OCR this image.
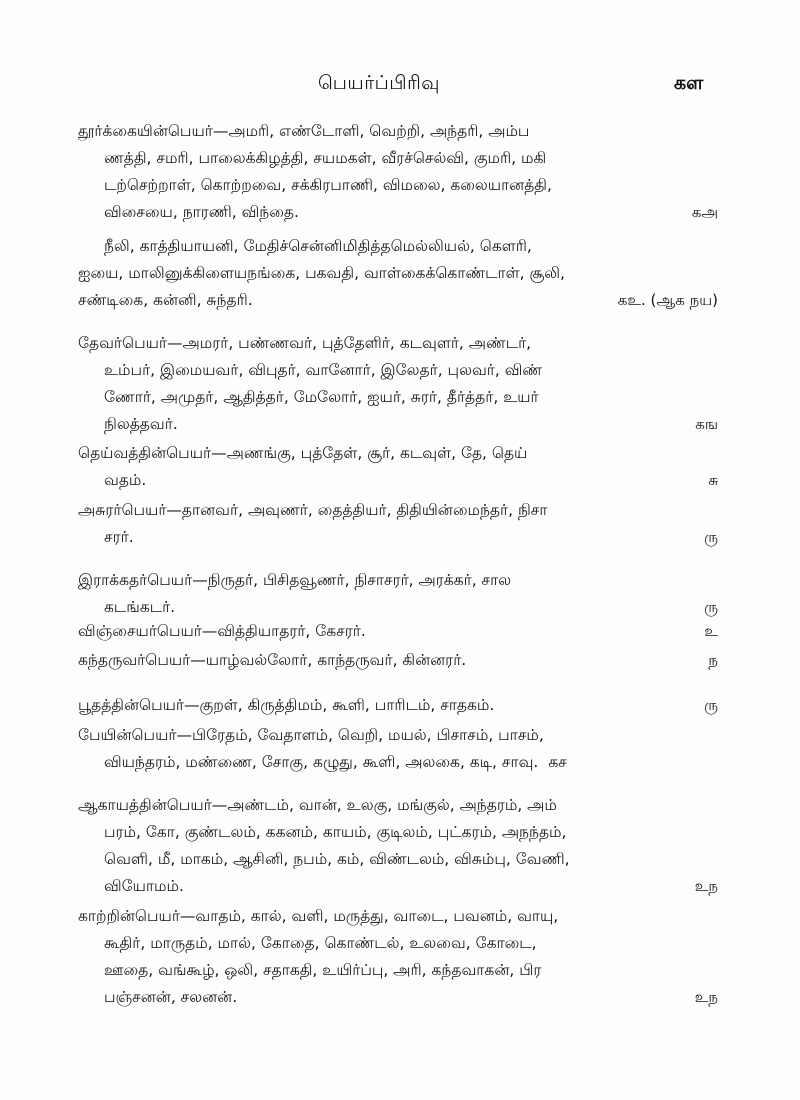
பெயர்ப்பிரிவு	கள
தூர்க்கையின்பெயர்—அமரி, எண்டோளி, வெற்றி, அந்தரி, அம்ப
ணத்தி, சமரி, பாலைக்கிழத்தி, சயமகள், வீரச்செல்வி, குமரி, மகி
டற்செற்றாள், கொற்றவை, சக்கிரபாணி, விமலை, கலையானத்தி,
விசையை, நாரணி, விந்தை.	கஅ
நீலி, காத்தியாயனி, மேதிச்சென்னிமிதித்தமெல்லியல், கௌரி,
ஐயை, மாலினுக்கிளையநங்கை, பகவதி, வாள்கைக்கொண்டாள், சூலி,
சண்டிகை, கன்னி, சுந்தரி.	கஉ. (ஆக நய)
தேவர்பெயர்—அமரர், பண்ணவர், புத்தேளிர், கடவுளர், அண்டர்,
உம்பர், இமையவர், விபுதர், வானோர், இலேதர், புலவர், விண்
ணோர், அமுதர், ஆதித்தர், மேலோர், ஐயர், சுரர், தீர்த்தர், உயர்
நிலத்தவர்.	கங
தெய்வத்தின்பெயர்—அணங்கு, புத்தேள், சூர், கடவுள், தே, தெய்
வதம்.	சு
அசுரர்பெயர்—தானவர், அவுணர், தைத்தியர், திதியின்மைந்தர், நிசா
சரர்.	ரு
இராக்கதர்பெயர்—நிருதர், பிசிதவூணர், நிசாசரர், அரக்கர், சால
கடங்கடர்.	ரு
விஞ்சையர்பெயர்—வித்தியாதரர், கேசரர்.	உ
கந்தருவர்பெயர்—யாழ்வல்லோர், காந்தருவர், கின்னரர்.	ந
பூதத்தின்பெயர்—குறள், கிருத்திமம், கூளி, பாரிடம், சாதகம்.	ரு
பேயின்பெயர்—பிரேதம், வேதாளம், வெறி, மயல், பிசாசம், பாசம்,
வியந்தரம், மண்ணை, சோகு, கழுது, கூளி, அலகை, கடி, சாவு. கச
ஆகாயத்தின்பெயர்—அண்டம், வான், உலகு, மங்குல், அந்தரம், அம்
பரம், கோ, குண்டலம், ககனம், காயம், குடிலம், புட்கரம், அநந்தம்,
வெளி, மீ, மாகம், ஆசினி, நபம், கம், விண்டலம், விசும்பு, வேணி,
வியோமம்.	உந
காற்றின்பெயர்—வாதம், கால், வளி, மருத்து, வாடை, பவனம், வாயு,
கூதிர், மாருதம், மால், கோதை, கொண்டல், உலவை, கோடை,
ஊதை, வங்கூழ், ஒலி, சதாகதி, உயிர்ப்பு, அரி, கந்தவாகன், பிர
பஞ்சனன், சலனன்.	உந
